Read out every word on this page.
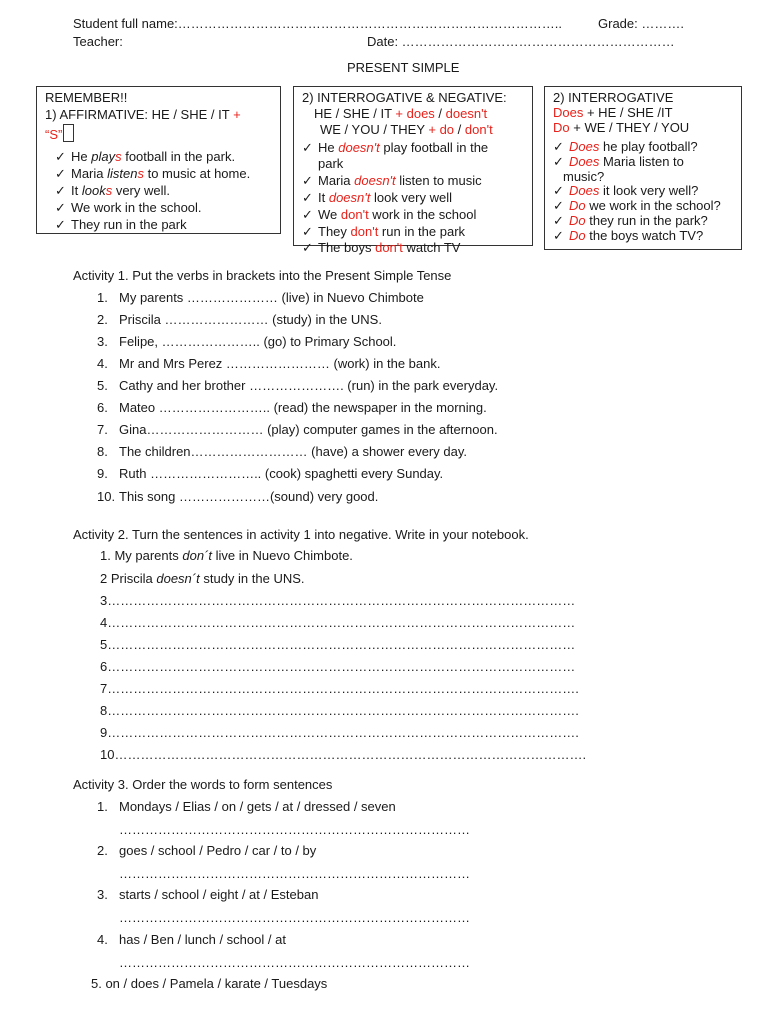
Student full name:……………………………………………………………………………..	Grade: ……….
Teacher:	Date: ………………………………………………………
PRESENT SIMPLE
REMEMBER!!
1) AFFIRMATIVE: HE / SHE / IT +
“S”
✓ He plays football in the park.
✓ Maria listens to music at home.
✓ It looks very well.
✓ We work in the school.
✓ They run in the park
2) INTERROGATIVE & NEGATIVE:
HE / SHE / IT + does / doesn't
WE / YOU / THEY + do / don't
✓ He doesn't play football in the
park
✓ Maria doesn't listen to music
✓ It doesn't look very well
✓ We don't work in the school
✓ They don't run in the park
✓ The boys don't watch TV
2) INTERROGATIVE
Does + HE / SHE /IT
Do + WE / THEY / YOU
✓ Does he play football?
✓ Does Maria listen to
music?
✓ Does it look very well?
✓ Do we work in the school?
✓ Do they run in the park?
✓ Do the boys watch TV?
Activity 1. Put the verbs in brackets into the Present Simple Tense
1. My parents ………………… (live) in Nuevo Chimbote
2. Priscila …………………… (study) in the UNS.
3. Felipe, ………………….. (go) to Primary School.
4. Mr and Mrs Perez …………………… (work) in the bank.
5. Cathy and her brother …………………. (run) in the park everyday.
6. Mateo …………………….. (read) the newspaper in the morning.
7. Gina……………………… (play) computer games in the afternoon.
8. The children……………………… (have) a shower every day.
9. Ruth …………………….. (cook) spaghetti every Sunday.
10. This song …………………(sound) very good.
Activity 2. Turn the sentences in activity 1 into negative. Write in your notebook.
1. My parents don´t live in Nuevo Chimbote.
2 Priscila doesn´t study in the UNS.
3………………………………………………………………………………………………
4………………………………………………………………………………………………
5………………………………………………………………………………………………
6………………………………………………………………………………………………
7……………………………………………………………………………………………….
8……………………………………………………………………………………………….
9……………………………………………………………………………………………….
10……………………………………………………………………………………………….
Activity 3. Order the words to form sentences
1. Mondays / Elias / on / gets / at / dressed / seven
………………………………………………………………………
2. goes / school / Pedro / car / to / by
………………………………………………………………………
3. starts / school / eight / at / Esteban
………………………………………………………………………
4. has / Ben / lunch / school / at
………………………………………………………………………
5. on / does / Pamela / karate / Tuesdays
